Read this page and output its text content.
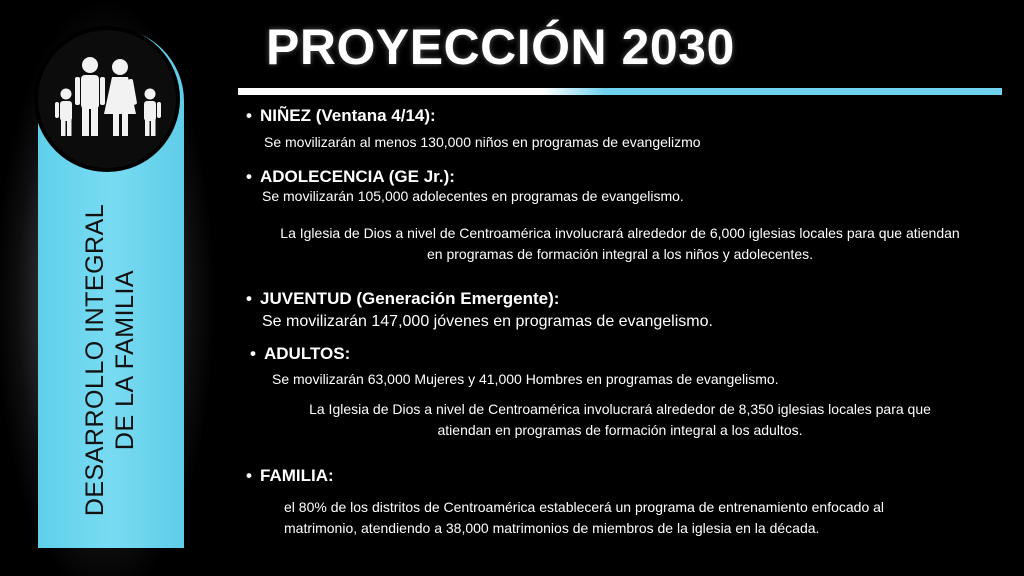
DESARROLLO INTEGRAL DE LA FAMILIA
PROYECCIÓN 2030
• NIÑEZ (Ventana 4/14):
Se movilizarán al menos 130,000 niños en programas de evangelizmo
• ADOLECENCIA (GE Jr.):
Se movilizarán 105,000 adolecentes en programas de evangelismo.
La Iglesia de Dios a nivel de Centroamérica involucrará alrededor de 6,000 iglesias locales para que atiendan
en programas de formación integral a los niños y adolecentes.
• JUVENTUD (Generación Emergente):
Se movilizarán 147,000 jóvenes en programas de evangelismo.
• ADULTOS:
Se movilizarán 63,000 Mujeres y 41,000 Hombres en programas de evangelismo.
La Iglesia de Dios a nivel de Centroamérica involucrará alrededor de 8,350 iglesias locales para que
atiendan en programas de formación integral a los adultos.
• FAMILIA:
el 80% de los distritos de Centroamérica establecerá un programa de entrenamiento enfocado al
matrimonio, atendiendo a 38,000 matrimonios de miembros de la iglesia en la década.
